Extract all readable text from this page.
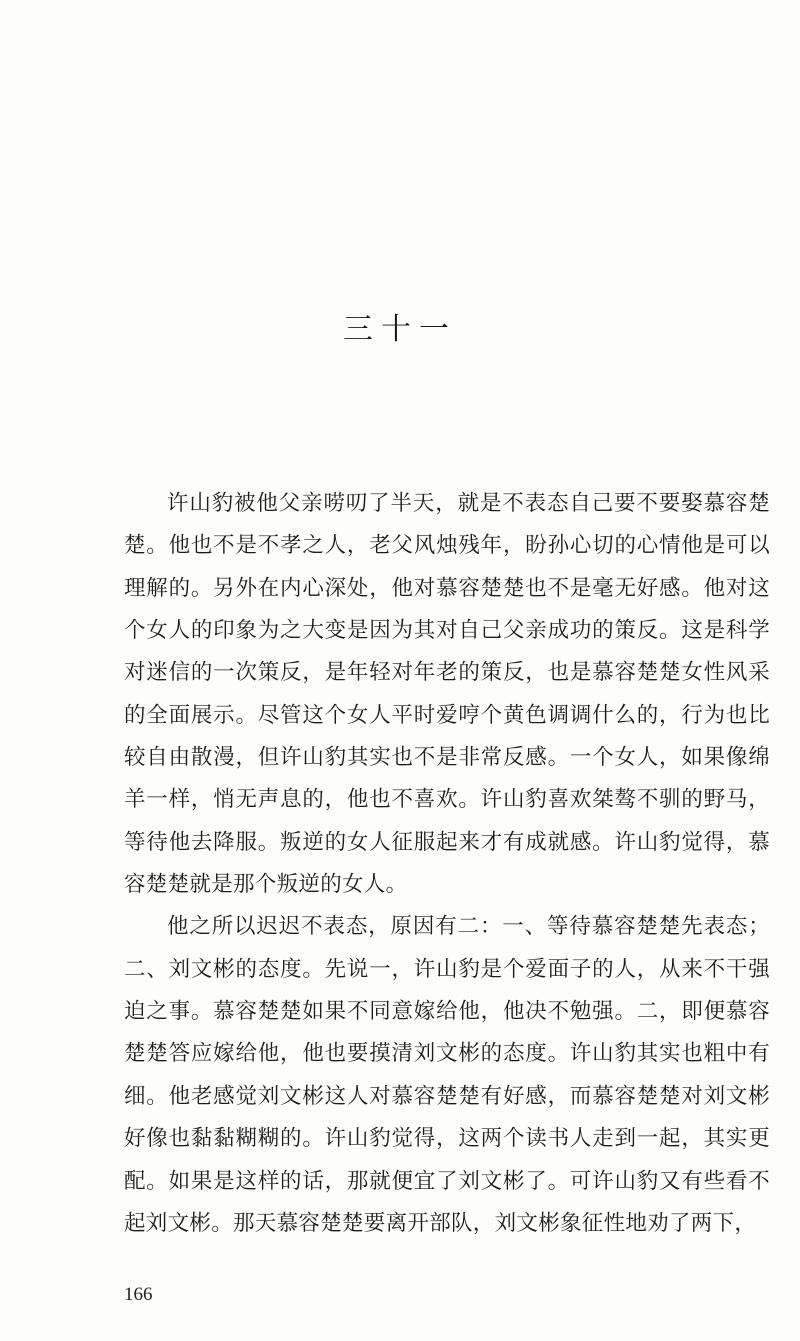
三十一

许山豹被他父亲唠叨了半天，就是不表态自己要不要娶慕容楚楚。他也不是不孝之人，老父风烛残年，盼孙心切的心情他是可以理解的。另外在内心深处，他对慕容楚楚也不是毫无好感。他对这个女人的印象为之大变是因为其对自己父亲成功的策反。这是科学对迷信的一次策反，是年轻对年老的策反，也是慕容楚楚女性风采的全面展示。尽管这个女人平时爱哼个黄色调调什么的，行为也比较自由散漫，但许山豹其实也不是非常反感。一个女人，如果像绵羊一样，悄无声息的，他也不喜欢。许山豹喜欢桀骜不驯的野马，等待他去降服。叛逆的女人征服起来才有成就感。许山豹觉得，慕容楚楚就是那个叛逆的女人。

他之所以迟迟不表态，原因有二：一、等待慕容楚楚先表态；二、刘文彬的态度。先说一，许山豹是个爱面子的人，从来不干强迫之事。慕容楚楚如果不同意嫁给他，他决不勉强。二，即便慕容楚楚答应嫁给他，他也要摸清刘文彬的态度。许山豹其实也粗中有细。他老感觉刘文彬这人对慕容楚楚有好感，而慕容楚楚对刘文彬好像也黏黏糊糊的。许山豹觉得，这两个读书人走到一起，其实更配。如果是这样的话，那就便宜了刘文彬了。可许山豹又有些看不起刘文彬。那天慕容楚楚要离开部队，刘文彬象征性地劝了两下，

166
